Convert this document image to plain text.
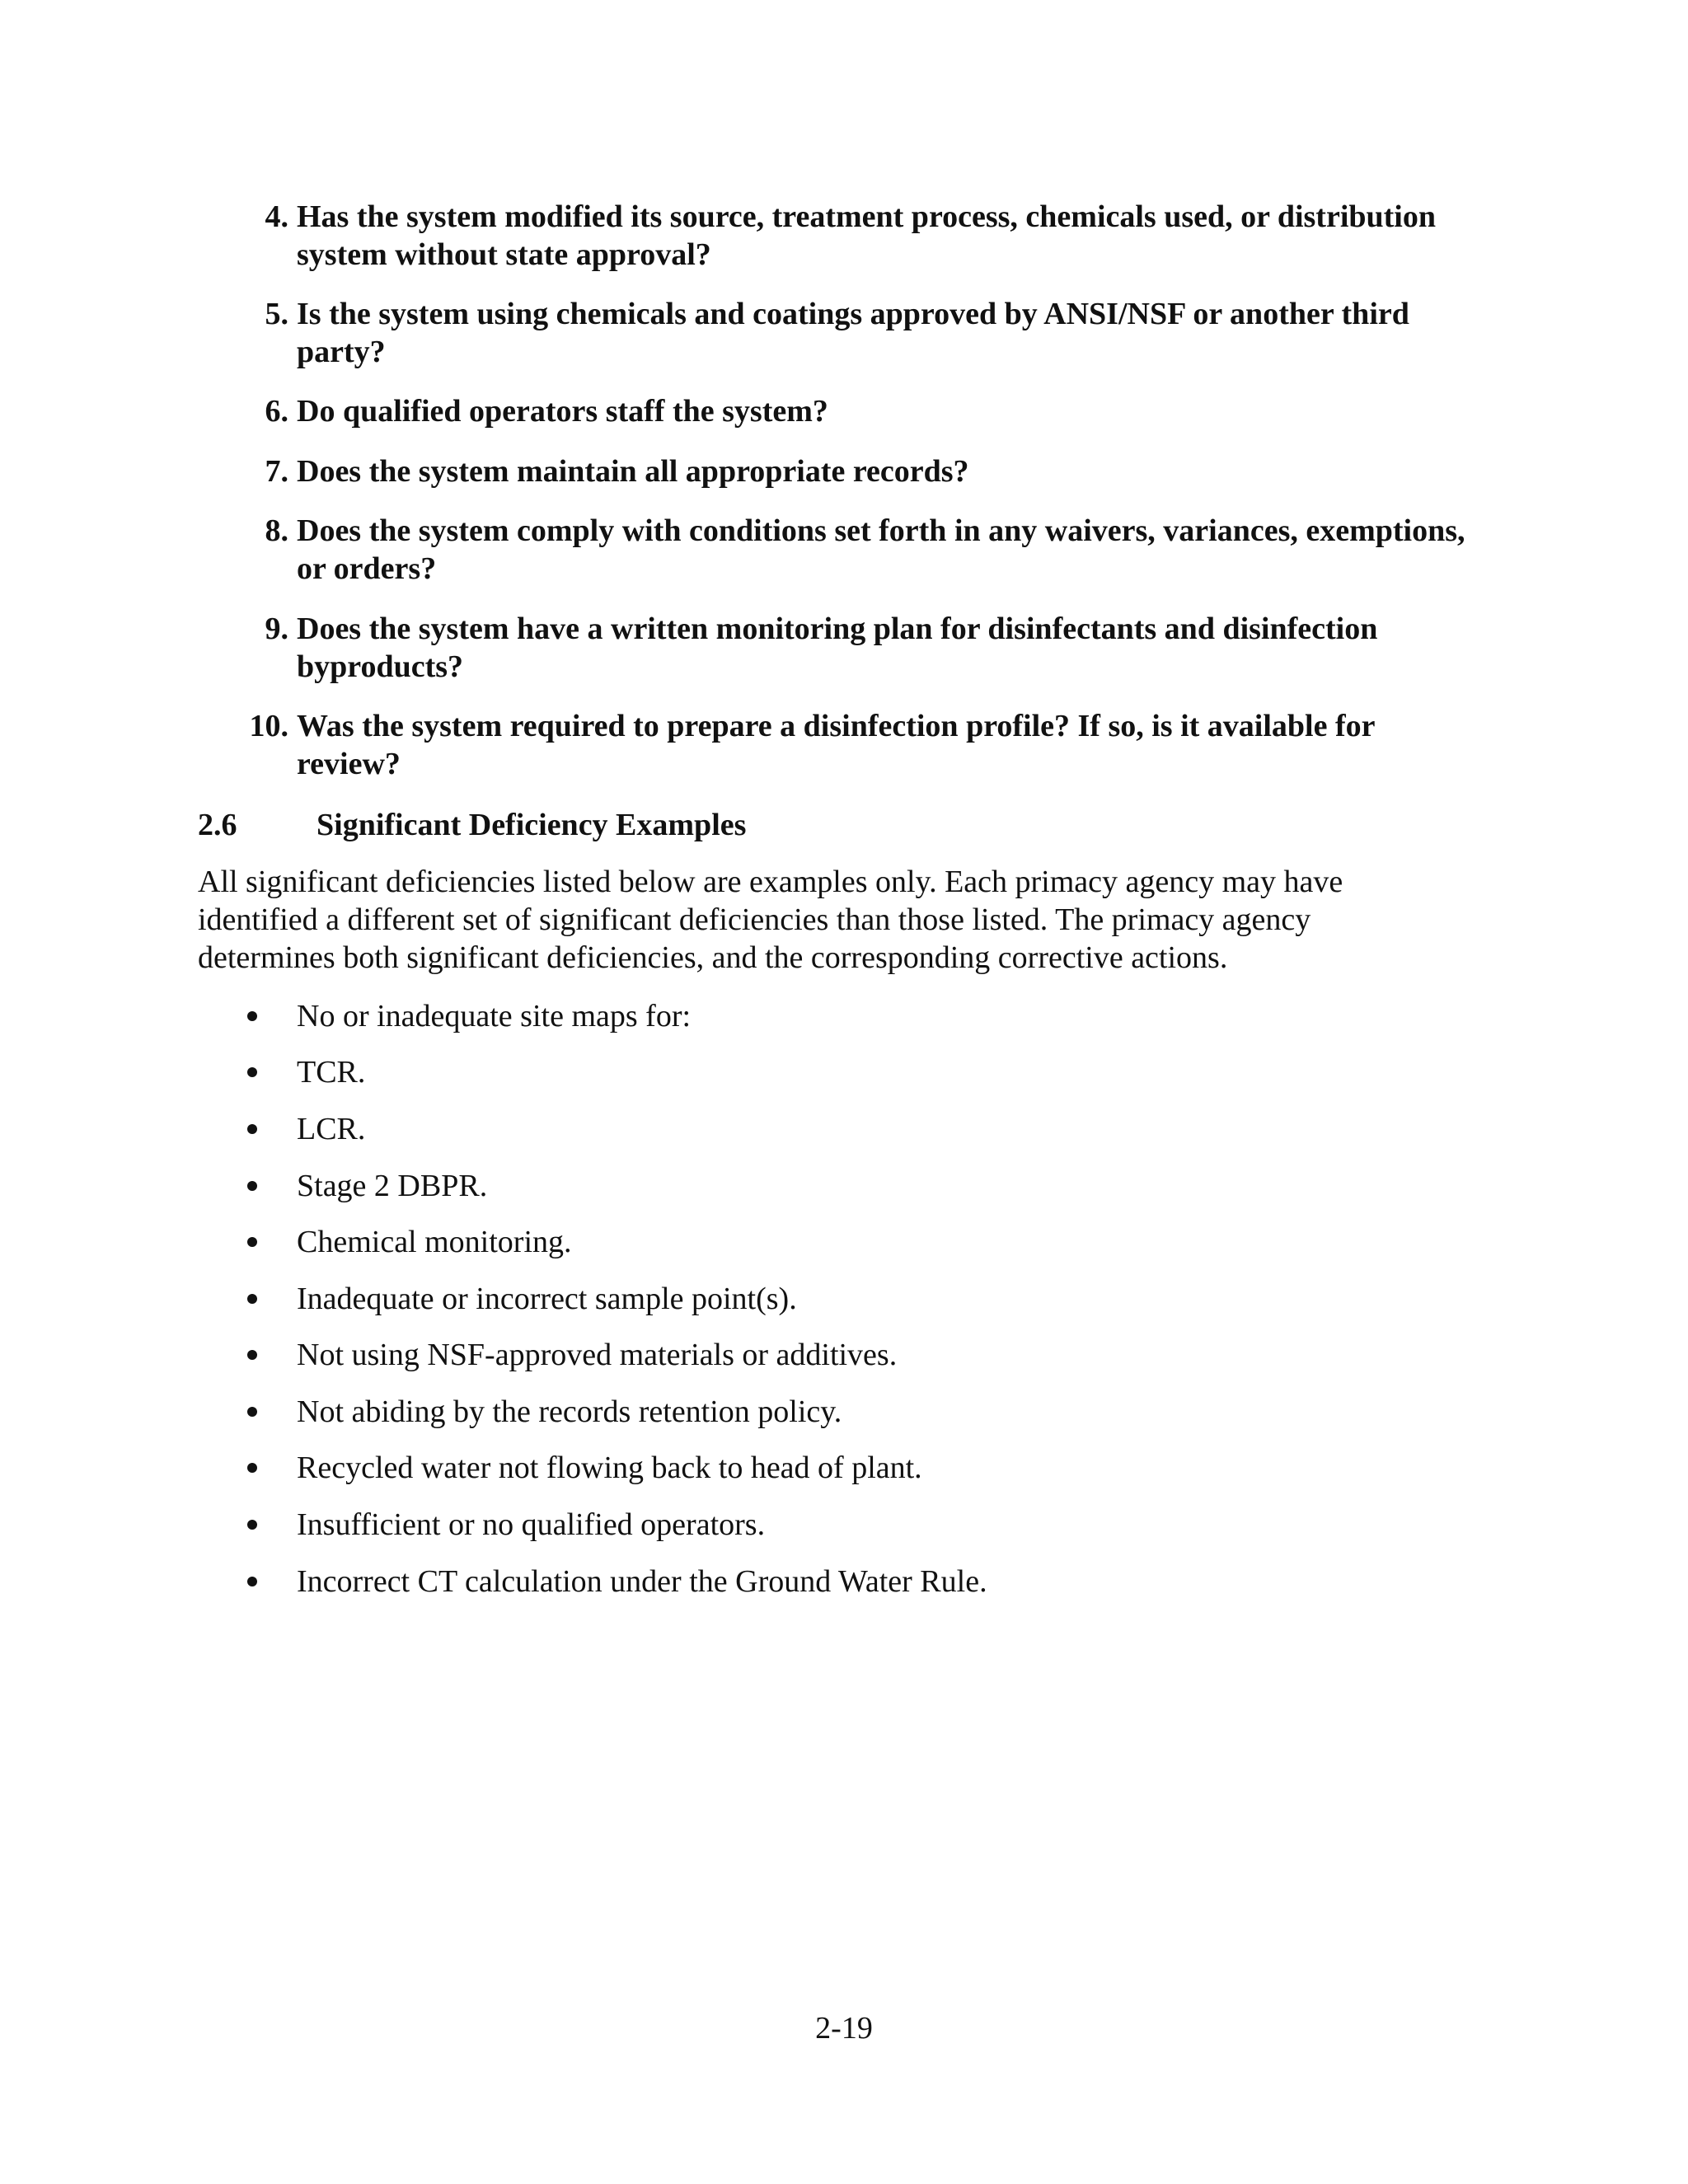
4. Has the system modified its source, treatment process, chemicals used, or distribution system without state approval?
5. Is the system using chemicals and coatings approved by ANSI/NSF or another third party?
6. Do qualified operators staff the system?
7. Does the system maintain all appropriate records?
8. Does the system comply with conditions set forth in any waivers, variances, exemptions, or orders?
9. Does the system have a written monitoring plan for disinfectants and disinfection byproducts?
10. Was the system required to prepare a disinfection profile? If so, is it available for review?
2.6	Significant Deficiency Examples
All significant deficiencies listed below are examples only. Each primacy agency may have
identified a different set of significant deficiencies than those listed. The primacy agency
determines both significant deficiencies, and the corresponding corrective actions.
No or inadequate site maps for:
TCR.
LCR.
Stage 2 DBPR.
Chemical monitoring.
Inadequate or incorrect sample point(s).
Not using NSF-approved materials or additives.
Not abiding by the records retention policy.
Recycled water not flowing back to head of plant.
Insufficient or no qualified operators.
Incorrect CT calculation under the Ground Water Rule.
2-19
